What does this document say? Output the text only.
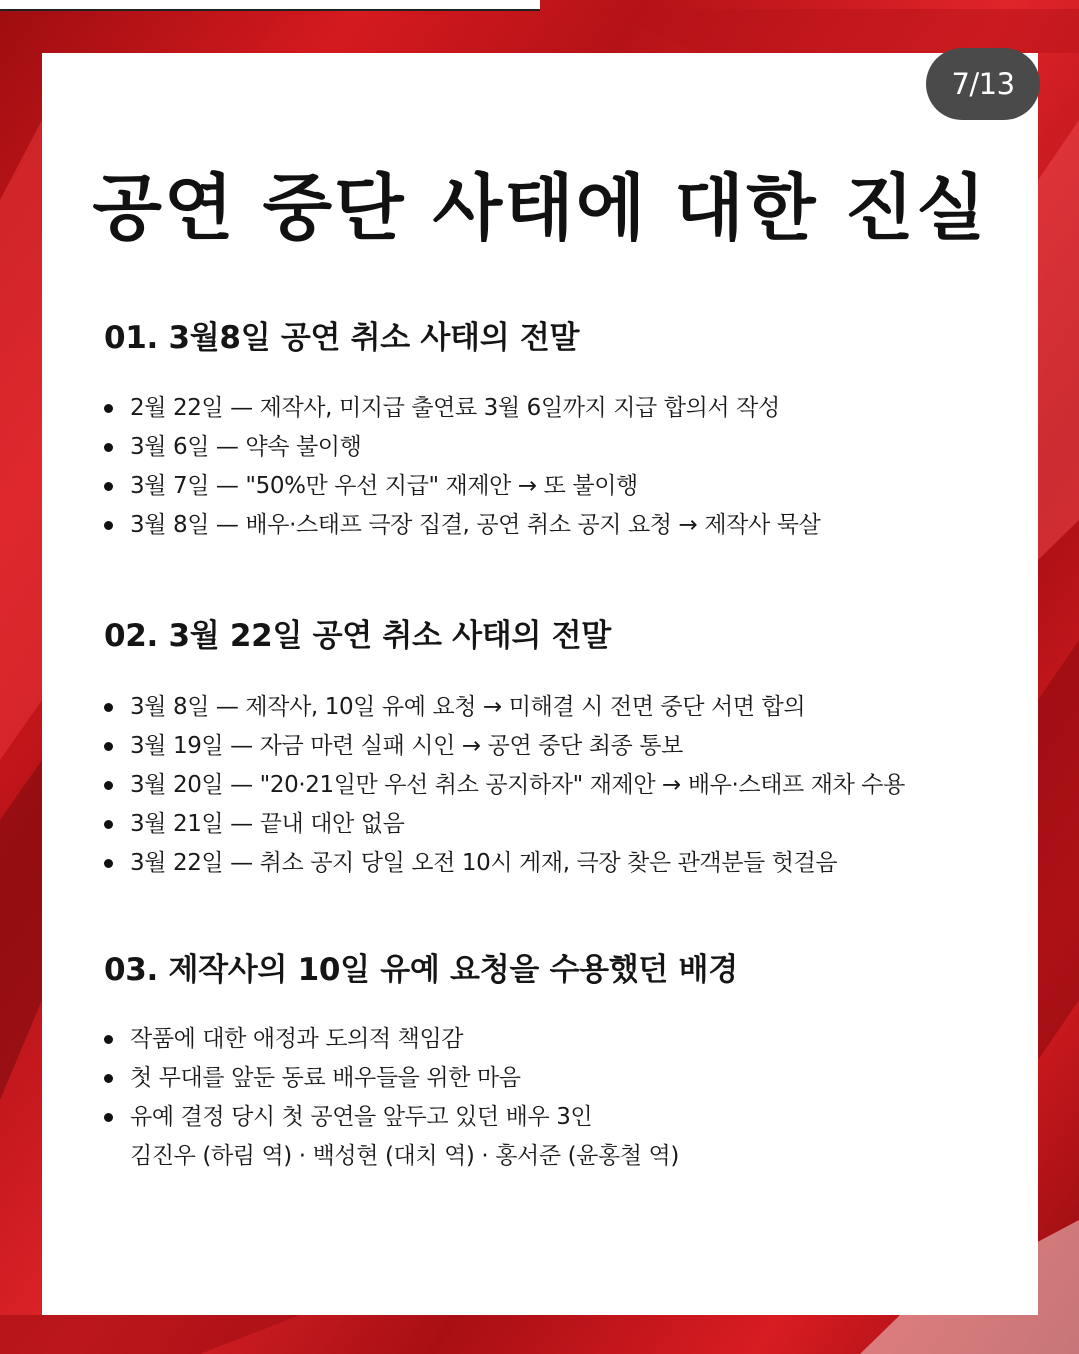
7/13
공연 중단 사태에 대한 진실
01. 3월8일 공연 취소 사태의 전말
2월 22일 — 제작사, 미지급 출연료 3월 6일까지 지급 합의서 작성
3월 6일 — 약속 불이행
3월 7일 — "50%만 우선 지급" 재제안 → 또 불이행
3월 8일 — 배우·스태프 극장 집결, 공연 취소 공지 요청 → 제작사 묵살
02. 3월 22일 공연 취소 사태의 전말
3월 8일 — 제작사, 10일 유예 요청 → 미해결 시 전면 중단 서면 합의
3월 19일 — 자금 마련 실패 시인 → 공연 중단 최종 통보
3월 20일 — "20·21일만 우선 취소 공지하자" 재제안 → 배우·스태프 재차 수용
3월 21일 — 끝내 대안 없음
3월 22일 — 취소 공지 당일 오전 10시 게재, 극장 찾은 관객분들 헛걸음
03. 제작사의 10일 유예 요청을 수용했던 배경
작품에 대한 애정과 도의적 책임감
첫 무대를 앞둔 동료 배우들을 위한 마음
유예 결정 당시 첫 공연을 앞두고 있던 배우 3인
김진우 (하림 역) · 백성현 (대치 역) · 홍서준 (윤홍철 역)
